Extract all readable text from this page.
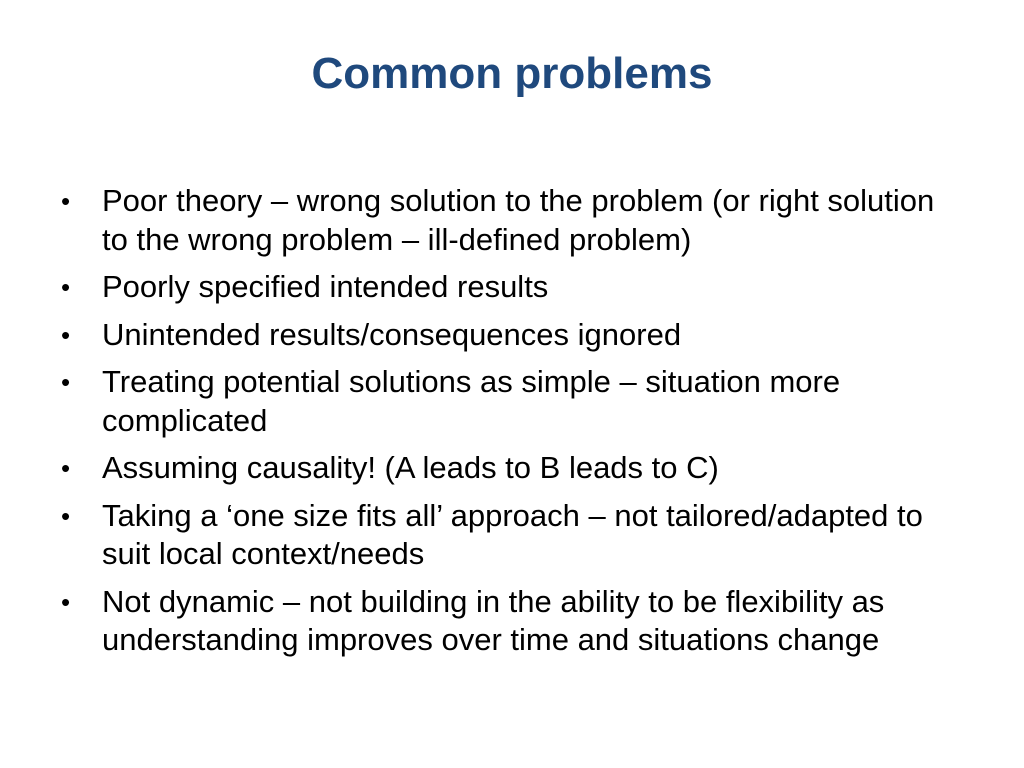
Common problems
• Poor theory – wrong solution to the problem (or right solution to the wrong problem – ill-defined problem)
• Poorly specified intended results
• Unintended results/consequences ignored
• Treating potential solutions as simple – situation more complicated
• Assuming causality! (A leads to B leads to C)
• Taking a ‘one size fits all’ approach – not tailored/adapted to suit local context/needs
• Not dynamic – not building in the ability to be flexibility as understanding improves over time and situations change
